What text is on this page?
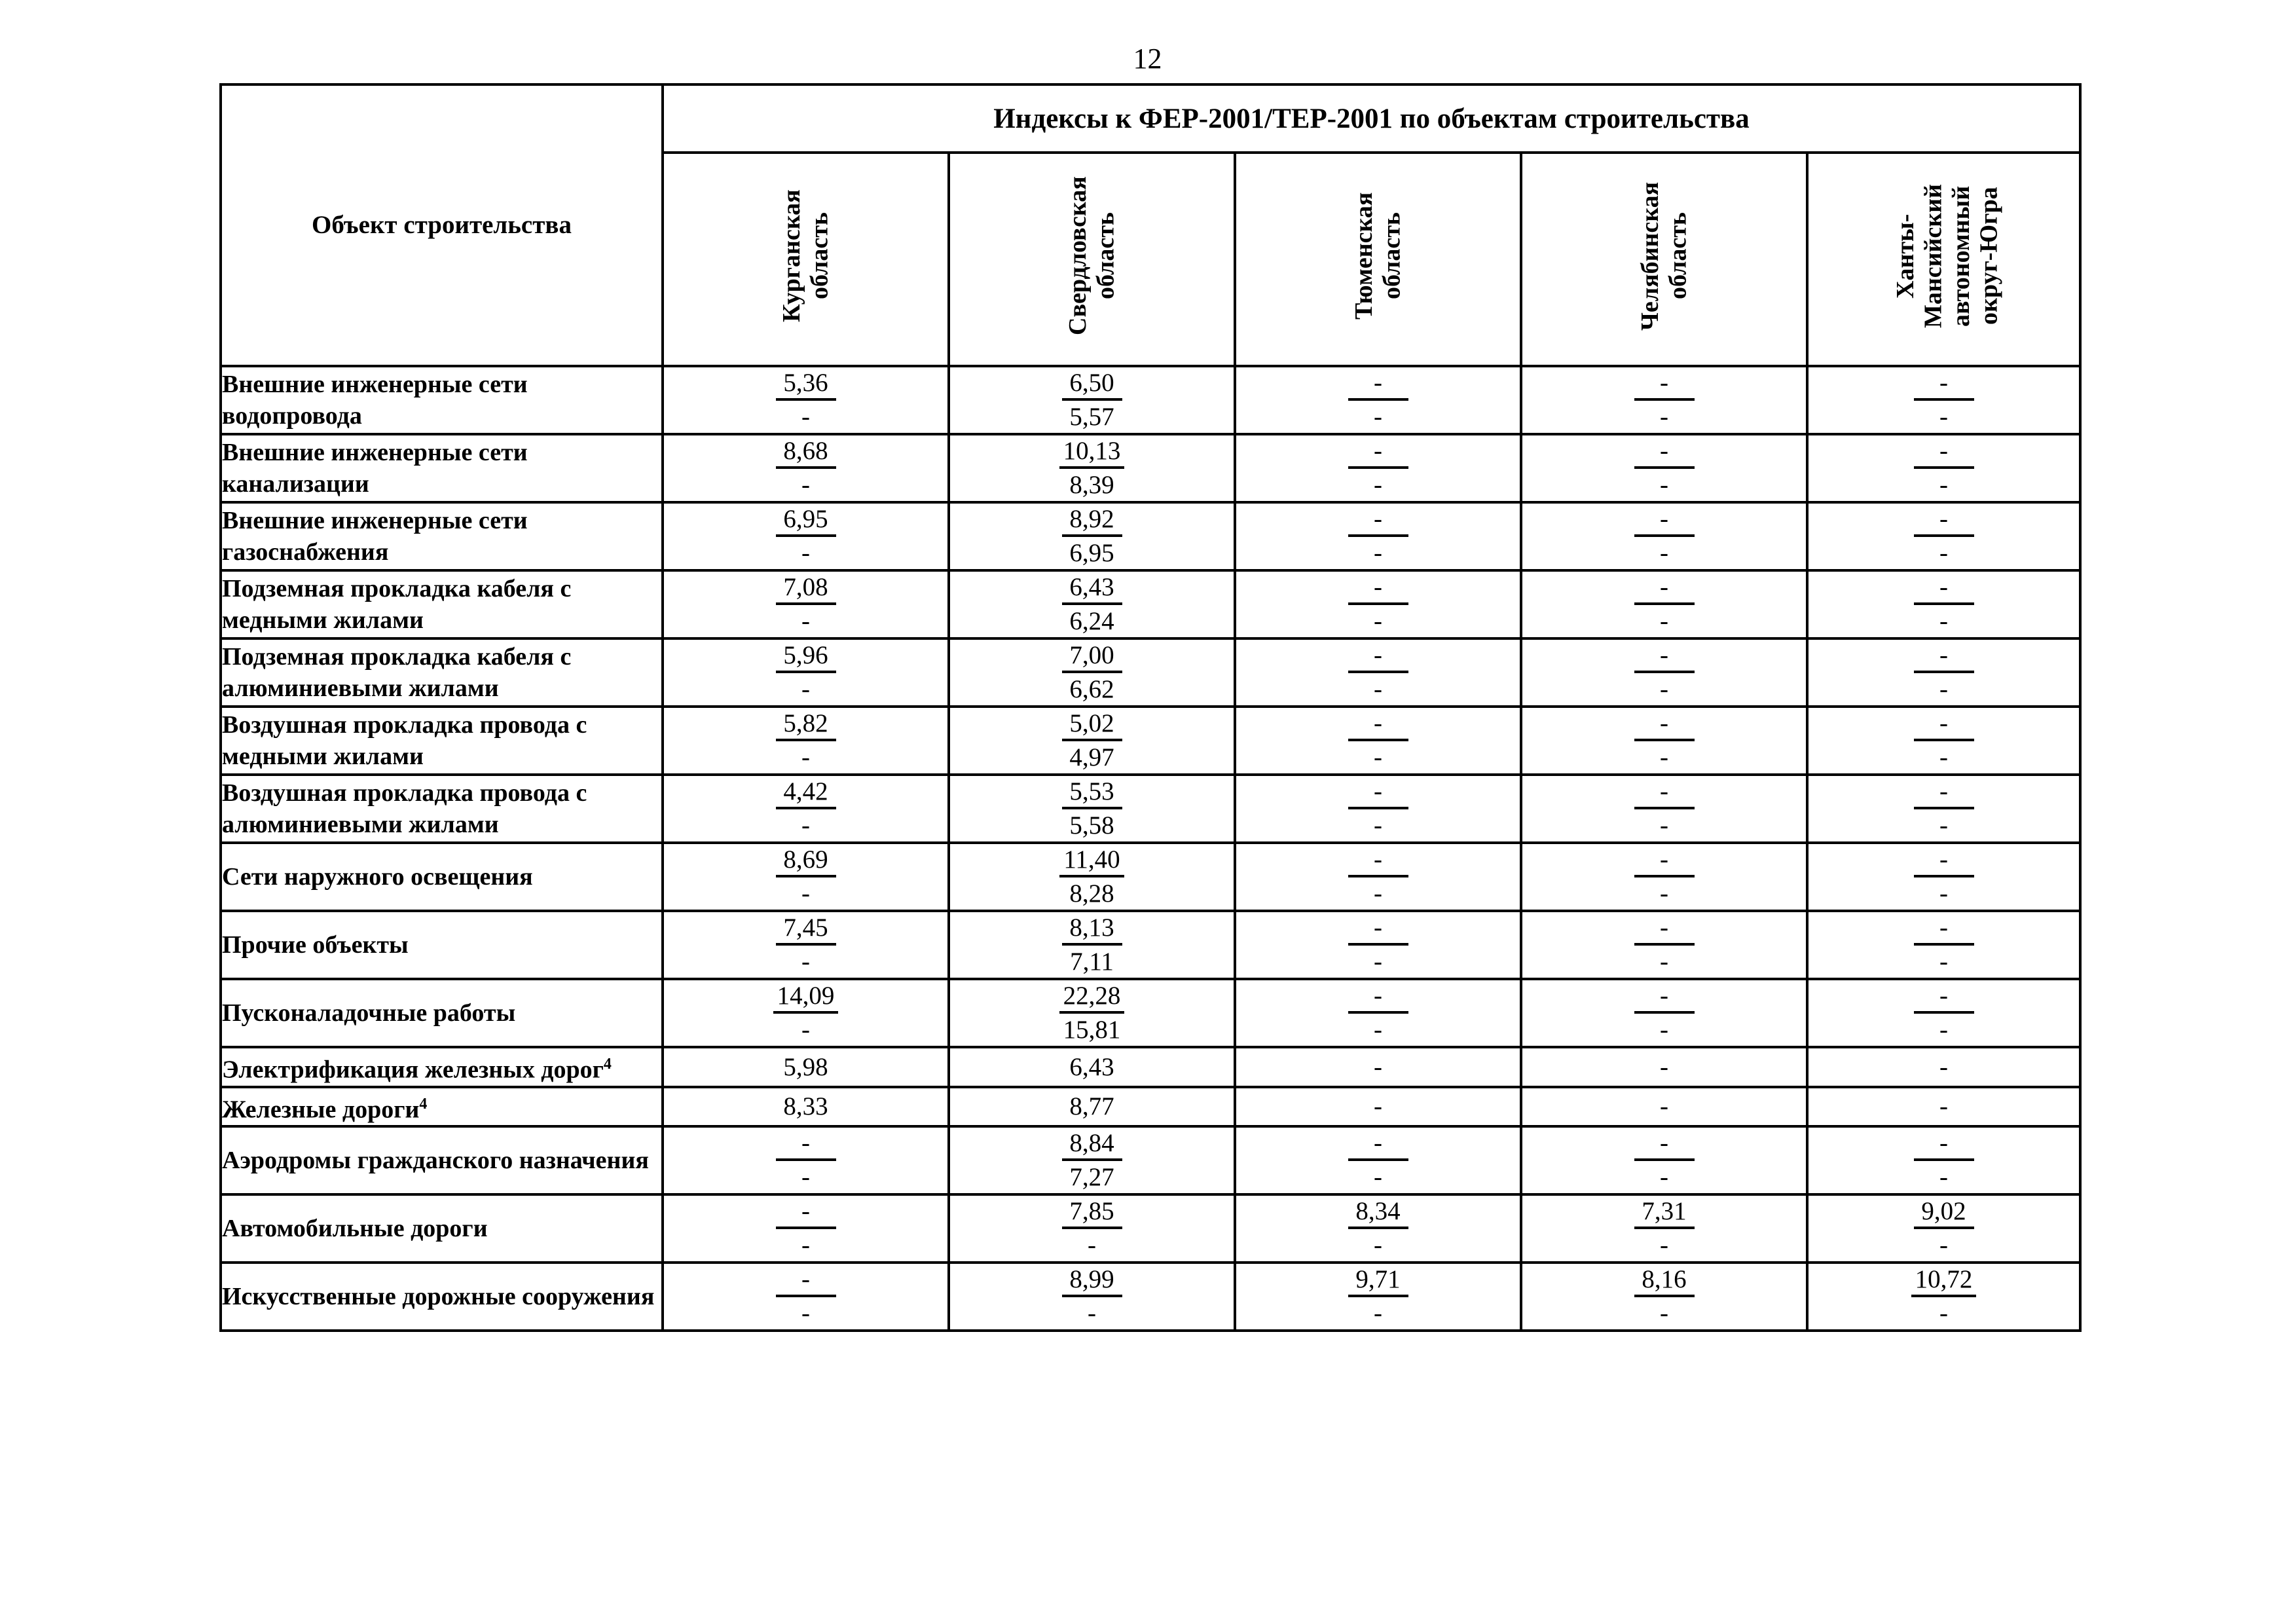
12
Объект строительства	Индексы к ФЕР-2001/ТЕР-2001 по объектам строительства				
	Курганская область	Свердловская область	Тюменская область	Челябинская область	Ханты-Мансийский автономный округ-Югра
Внешние инженерные сети водопровода	$\frac{5,36}{-}$	$\frac{6,50}{5,57}$	$\frac{-}{-}$	$\frac{-}{-}$	$\frac{-}{-}$

Внешние инженерные сети канализации	$\frac{8,68}{-}$	$\frac{10,13}{8,39}$	$\frac{-}{-}$	$\frac{-}{-}$	$\frac{-}{-}$

Внешние инженерные сети газоснабжения	$\frac{6,95}{-}$	$\frac{8,92}{6,95}$	$\frac{-}{-}$	$\frac{-}{-}$	$\frac{-}{-}$

Подземная прокладка кабеля с медными жилами	$\frac{7,08}{-}$	$\frac{6,43}{6,24}$	$\frac{-}{-}$	$\frac{-}{-}$	$\frac{-}{-}$

Подземная прокладка кабеля с алюминиевыми жилами	$\frac{5,96}{-}$	$\frac{7,00}{6,62}$	$\frac{-}{-}$	$\frac{-}{-}$	$\frac{-}{-}$

Воздушная прокладка провода с медными жилами	$\frac{5,82}{-}$	$\frac{5,02}{4,97}$	$\frac{-}{-}$	$\frac{-}{-}$	$\frac{-}{-}$

Воздушная прокладка провода с алюминиевыми жилами	$\frac{4,42}{-}$	$\frac{5,53}{5,58}$	$\frac{-}{-}$	$\frac{-}{-}$	$\frac{-}{-}$

Сети наружного освещения	$\frac{8,69}{-}$	$\frac{11,40}{8,28}$	$\frac{-}{-}$	$\frac{-}{-}$	$\frac{-}{-}$

Прочие объекты	$\frac{7,45}{-}$	$\frac{8,13}{7,11}$	$\frac{-}{-}$	$\frac{-}{-}$	$\frac{-}{-}$

Пусконаладочные работы	$\frac{14,09}{-}$	$\frac{22,28}{15,81}$	$\frac{-}{-}$	$\frac{-}{-}$	$\frac{-}{-}$

Электрификация железных дорог$^4$	5,98	6,43	-	-	-
Железные дороги$^4$	8,33	8,77	-	-	-
Аэродромы гражданского назначения	$\frac{-}{-}$	$\frac{8,84}{7,27}$	$\frac{-}{-}$	$\frac{-}{-}$	$\frac{-}{-}$

Автомобильные дороги	$\frac{-}{-}$	$\frac{7,85}{-}$	$\frac{8,34}{-}$	$\frac{7,31}{-}$	$\frac{9,02}{-}$

Искусственные дорожные сооружения	$\frac{-}{-}$	$\frac{8,99}{-}$	$\frac{9,71}{-}$	$\frac{8,16}{-}$	$\frac{10,72}{-}$
